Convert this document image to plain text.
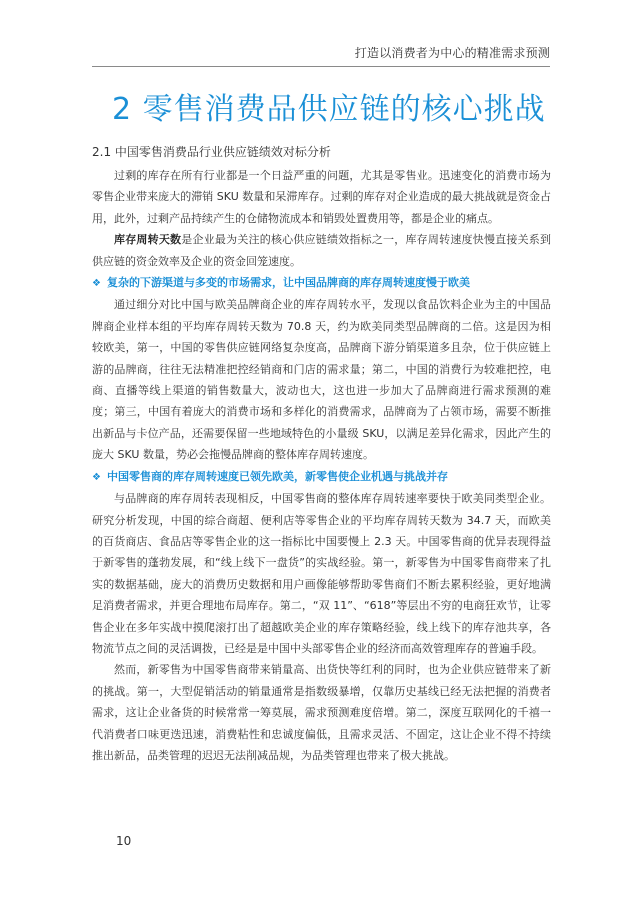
打造以消费者为中心的精准需求预测
2 零售消费品供应链的核心挑战
2.1 中国零售消费品行业供应链绩效对标分析

过剩的库存在所有行业都是一个日益严重的问题，尤其是零售业。迅速变化的消费市场为零售企业带来庞大的滞销 SKU 数量和呆滞库存。过剩的库存对企业造成的最大挑战就是资金占用，此外，过剩产品持续产生的仓储物流成本和销毁处置费用等，都是企业的痛点。

库存周转天数是企业最为关注的核心供应链绩效指标之一，库存周转速度快慢直接关系到供应链的资金效率及企业的资金回笼速度。

❖ 复杂的下游渠道与多变的市场需求，让中国品牌商的库存周转速度慢于欧美

通过细分对比中国与欧美品牌商企业的库存周转水平，发现以食品饮料企业为主的中国品牌商企业样本组的平均库存周转天数为 70.8 天，约为欧美同类型品牌商的二倍。这是因为相较欧美，第一，中国的零售供应链网络复杂度高，品牌商下游分销渠道多且杂，位于供应链上游的品牌商，往往无法精准把控经销商和门店的需求量；第二，中国的消费行为较难把控，电商、直播等线上渠道的销售数量大，波动也大，这也进一步加大了品牌商进行需求预测的难度；第三，中国有着庞大的消费市场和多样化的消费需求，品牌商为了占领市场，需要不断推出新品与卡位产品，还需要保留一些地域特色的小量级 SKU，以满足差异化需求，因此产生的庞大 SKU 数量，势必会拖慢品牌商的整体库存周转速度。

❖ 中国零售商的库存周转速度已领先欧美，新零售使企业机遇与挑战并存

与品牌商的库存周转表现相反，中国零售商的整体库存周转速率要快于欧美同类型企业。研究分析发现，中国的综合商超、便利店等零售企业的平均库存周转天数为 34.7 天，而欧美的百货商店、食品店等零售企业的这一指标比中国要慢上 2.3 天。中国零售商的优异表现得益于新零售的蓬勃发展，和“线上线下一盘货”的实战经验。第一，新零售为中国零售商带来了扎实的数据基础，庞大的消费历史数据和用户画像能够帮助零售商们不断去累积经验，更好地满足消费者需求，并更合理地布局库存。第二，“双 11”、“618”等层出不穷的电商狂欢节，让零售企业在多年实战中摸爬滚打出了超越欧美企业的库存策略经验，线上线下的库存池共享，各物流节点之间的灵活调拨，已经是是中国中头部零售企业的经济而高效管理库存的普遍手段。

然而，新零售为中国零售商带来销量高、出货快等红利的同时，也为企业供应链带来了新的挑战。第一，大型促销活动的销量通常是指数级暴增，仅靠历史基线已经无法把握的消费者需求，这让企业备货的时候常常一筹莫展，需求预测难度倍增。第二，深度互联网化的千禧一代消费者口味更迭迅速，消费粘性和忠诚度偏低，且需求灵活、不固定，这让企业不得不持续推出新品，品类管理的迟迟无法削减品规，为品类管理也带来了极大挑战。

10
